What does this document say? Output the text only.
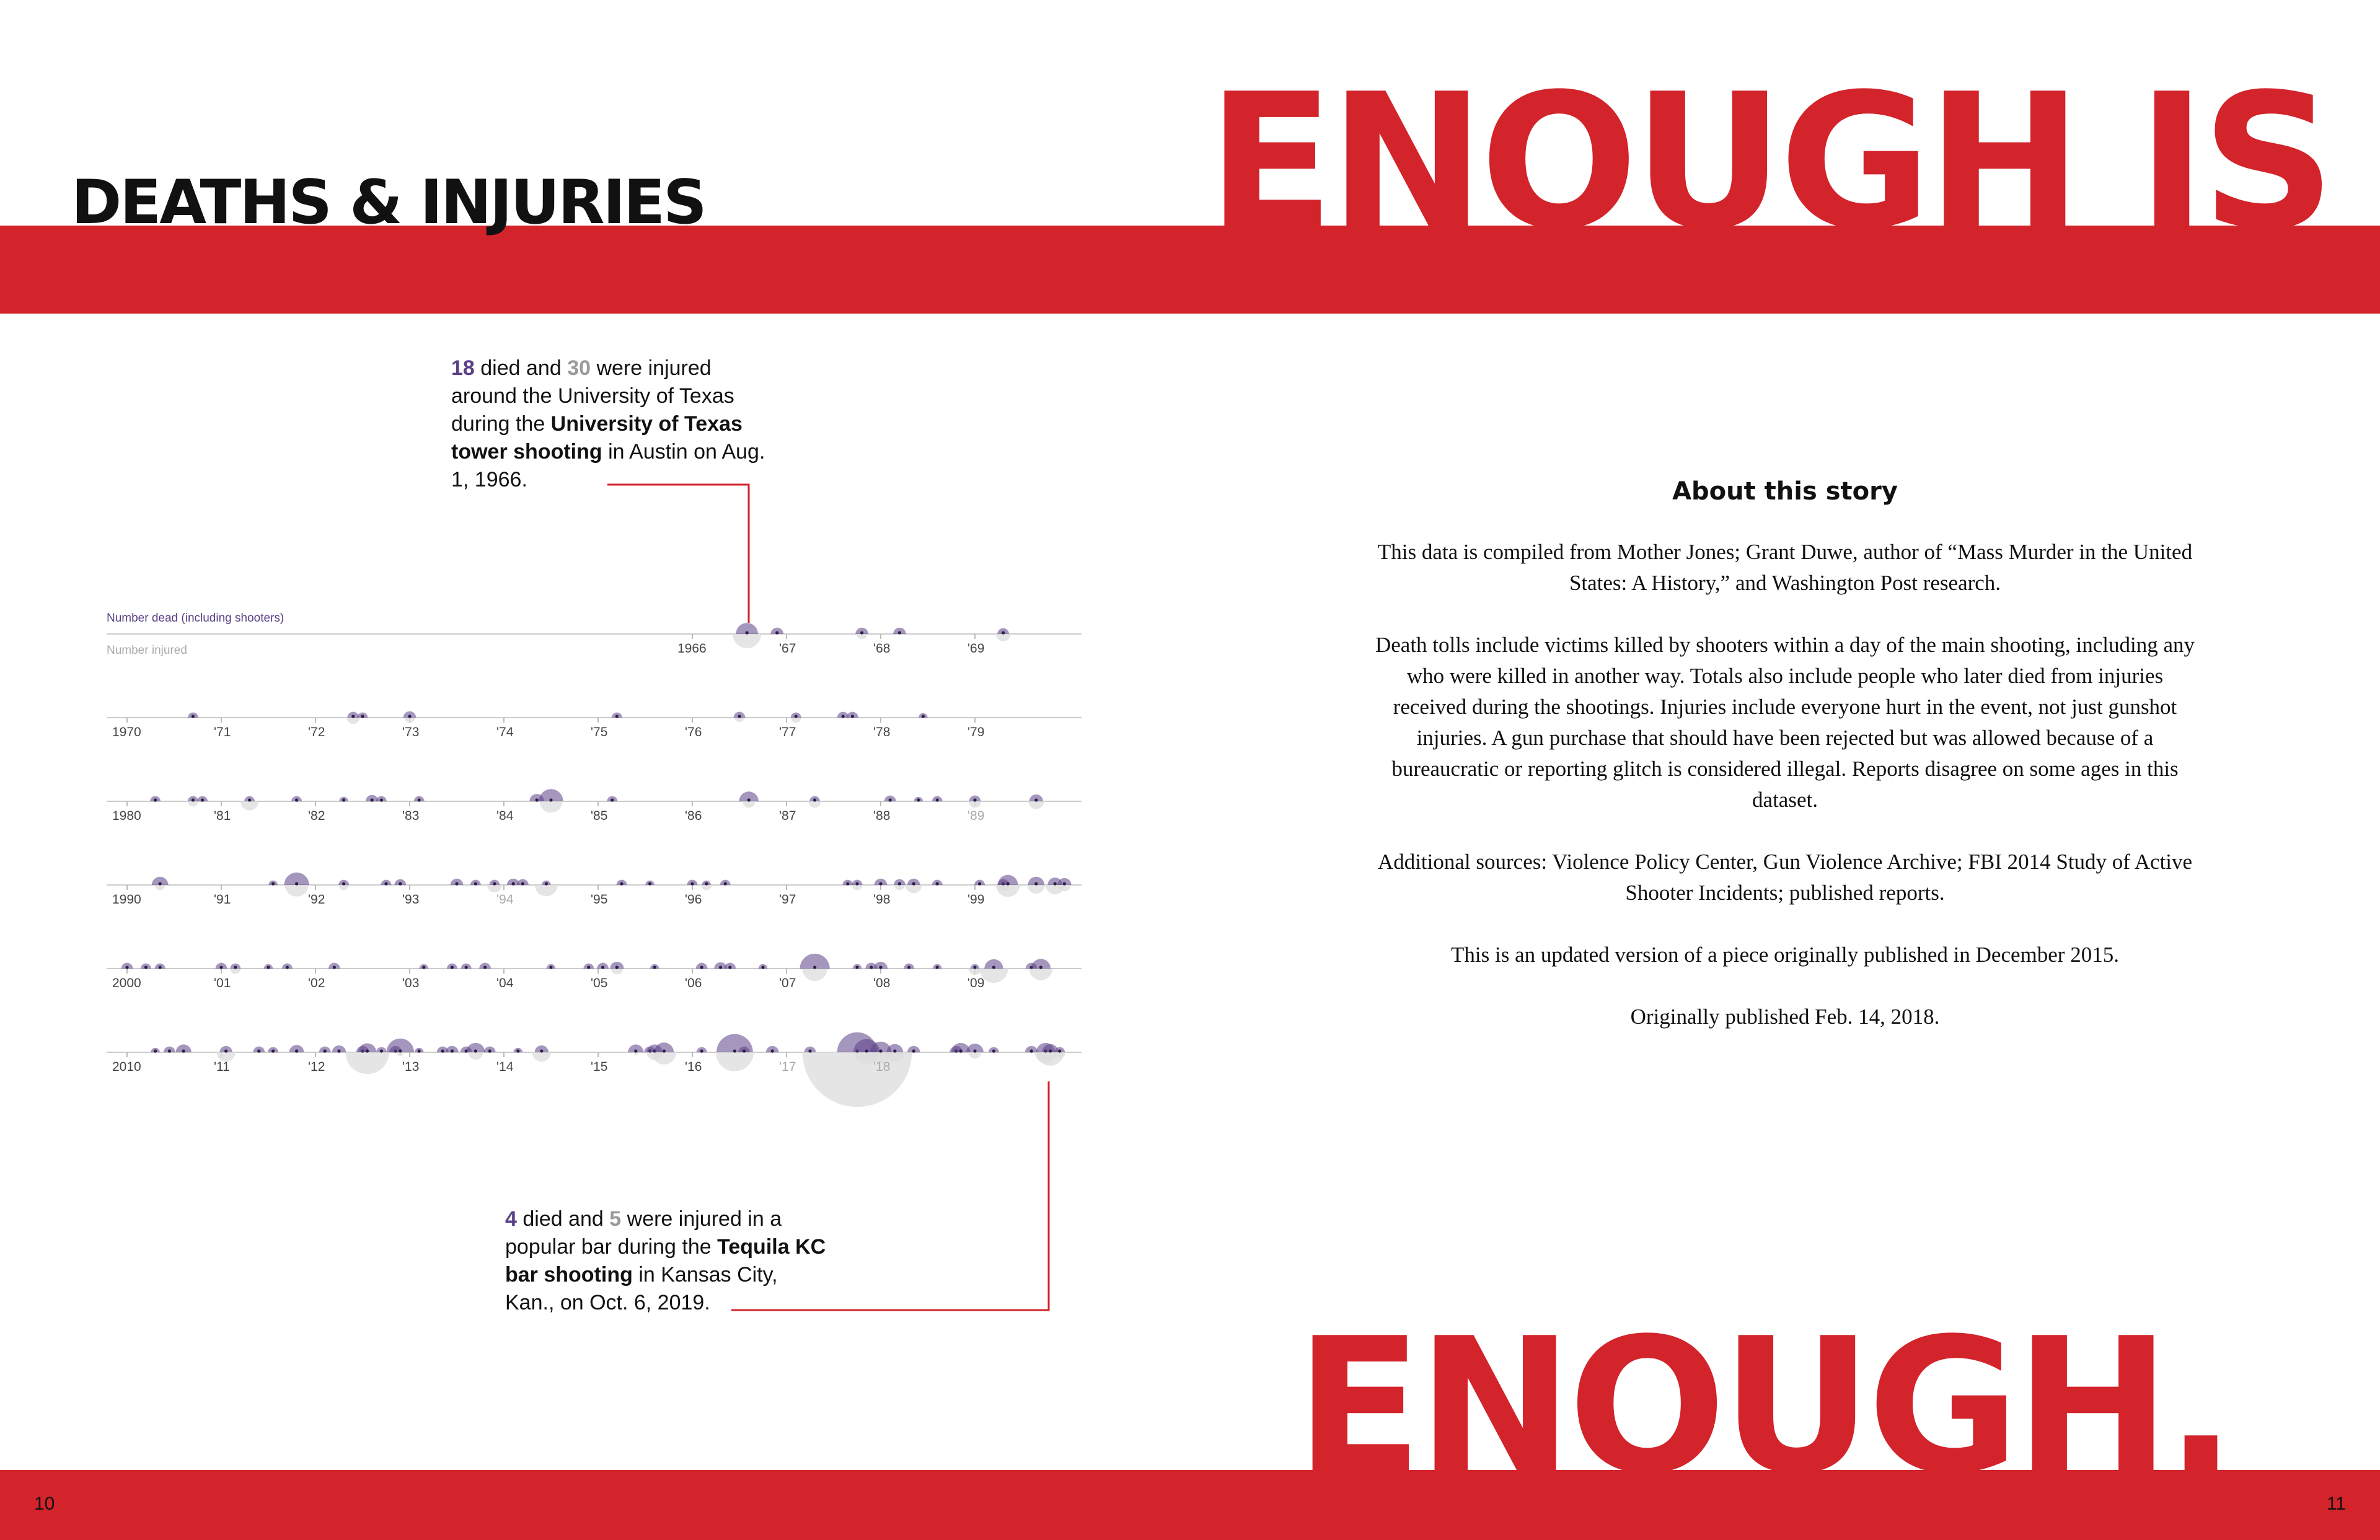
ENOUGH IS
ENOUGH.
DEATHS & INJURIES
1966	'67	'68	'69
1970	'71	'72	'73	'74	'75	'76	'77	'78	'79
1980	'81	'82	'83	'84	'85	'86	'87	'88	'89
1990	'91	'92	'93	'94	'95	'96	'97	'98	'99
2000	'01	'02	'03	'04	'05	'06	'07	'08	'09
2010	'11	'12	'13	'14	'15	'16	'17	'18
Number dead (including shooters)
Number injured
18 died and 30 were injured around the University of Texas during the University of Texas tower shooting in Austin on Aug. 1, 1966.
4 died and 5 were injured in a popular bar during the Tequila KC bar shooting in Kansas City, Kan., on Oct. 6, 2019.
About this story

This data is compiled from Mother Jones; Grant Duwe, author of “Mass Murder in the United States: A History,” and Washington Post research.

Death tolls include victims killed by shooters within a day of the main shooting, including any who were killed in another way. Totals also include people who later died from injuries received during the shootings. Injuries include everyone hurt in the event, not just gunshot injuries. A gun purchase that should have been rejected but was allowed because of a bureaucratic or reporting glitch is considered illegal. Reports disagree on some ages in this dataset.

Additional sources: Violence Policy Center, Gun Violence Archive; FBI 2014 Study of Active Shooter Incidents; published reports.

This is an updated version of a piece originally published in December 2015.

Originally published Feb. 14, 2018.

10	11
